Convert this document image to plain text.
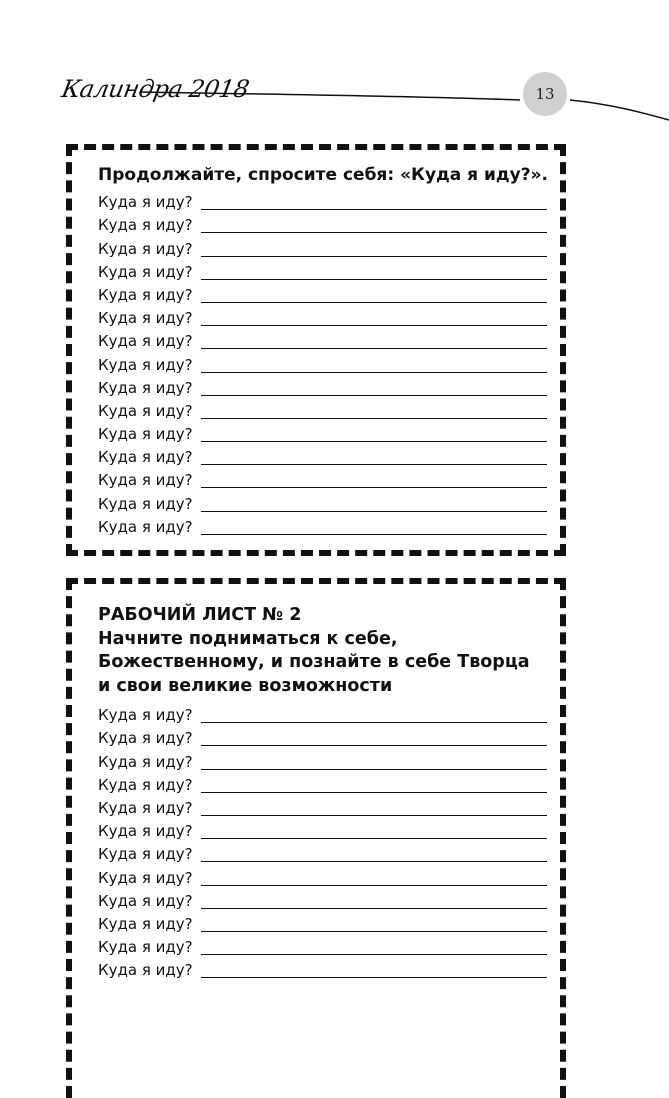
Калиндра 2018	13
Продолжайте, спросите себя: «Куда я иду?».
Куда я иду?
Куда я иду?
Куда я иду?
Куда я иду?
Куда я иду?
Куда я иду?
Куда я иду?
Куда я иду?
Куда я иду?
Куда я иду?
Куда я иду?
Куда я иду?
Куда я иду?
Куда я иду?
Куда я иду?
РАБОЧИЙ ЛИСТ № 2
Начните подниматься к себе,
Божественному, и познайте в себе Творца
и свои великие возможности
Куда я иду?
Куда я иду?
Куда я иду?
Куда я иду?
Куда я иду?
Куда я иду?
Куда я иду?
Куда я иду?
Куда я иду?
Куда я иду?
Куда я иду?
Куда я иду?
